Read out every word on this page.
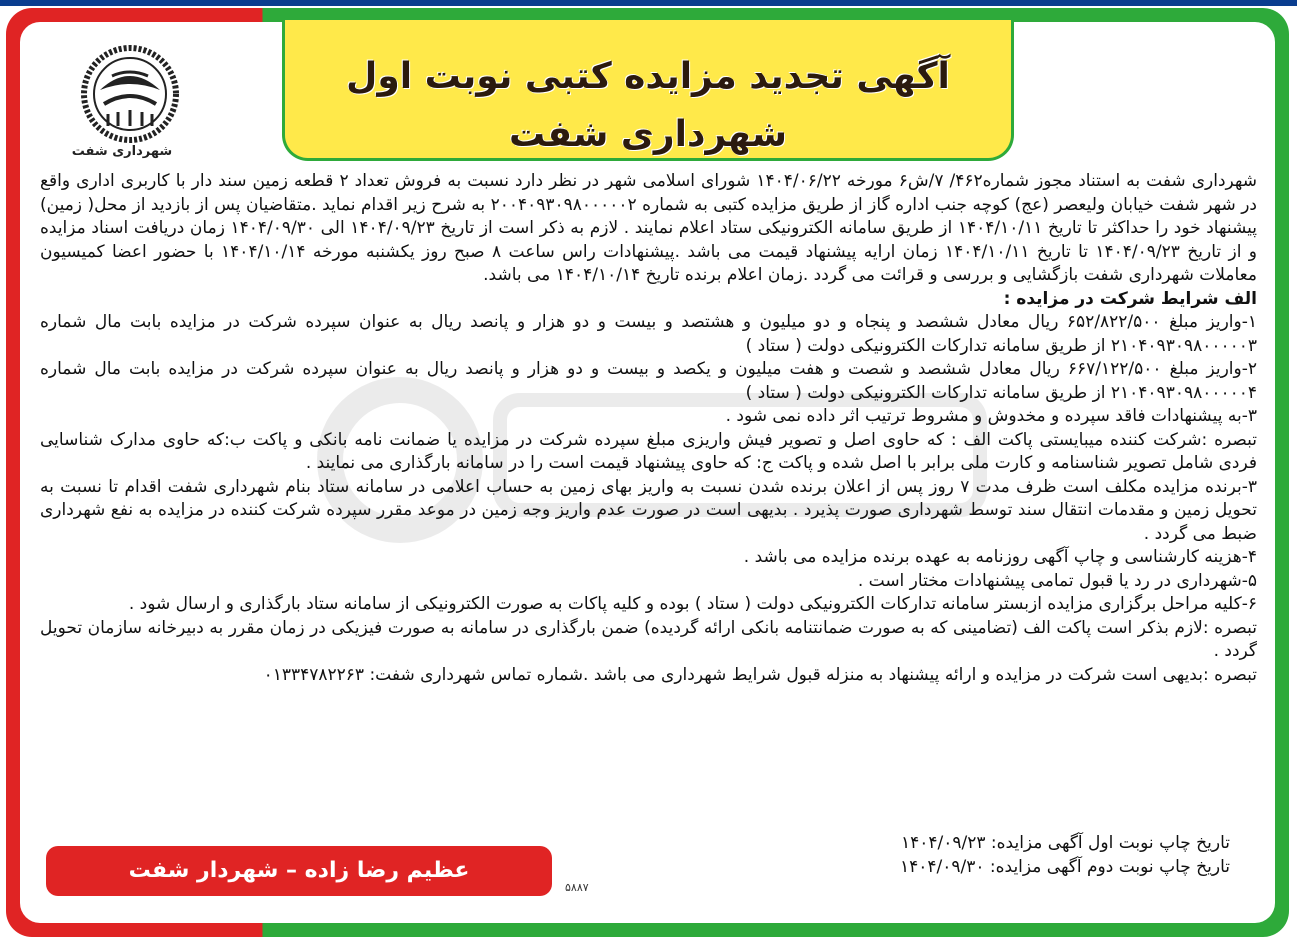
آگهی تجدید مزایده کتبی نوبت اول
شهرداری شفت
شهرداری شفت

شهرداری شفت به استناد مجوز شماره۴۶۲/ ۷/ش۶ مورخه ۱۴۰۴/۰۶/۲۲ شورای اسلامی شهر در نظر دارد نسبت به فروش تعداد ۲ قطعه زمین سند دار با کاربری اداری واقع در شهر شفت خیابان ولیعصر (عج) کوچه جنب اداره گاز از طریق مزایده کتبی به شماره ۲۰۰۴۰۹۳۰۹۸۰۰۰۰۰۲ به شرح زیر اقدام نماید .متقاضیان پس از بازدید از محل( زمین) پیشنهاد خود را حداکثر تا تاریخ ۱۴۰۴/۱۰/۱۱ از طریق سامانه الکترونیکی ستاد اعلام نمایند . لازم به ذکر است از تاریخ ۱۴۰۴/۰۹/۲۳ الی ۱۴۰۴/۰۹/۳۰ زمان دریافت اسناد مزایده و از تاریخ ۱۴۰۴/۰۹/۲۳ تا تاریخ ۱۴۰۴/۱۰/۱۱ زمان ارایه پیشنهاد قیمت می باشد .پیشنهادات راس ساعت ۸ صبح روز یکشنبه مورخه ۱۴۰۴/۱۰/۱۴ با حضور اعضا کمیسیون معاملات شهرداری شفت بازگشایی و بررسی و قرائت می گردد .زمان اعلام برنده تاریخ ۱۴۰۴/۱۰/۱۴ می باشد.

الف شرایط شرکت در مزایده :

۱-واریز مبلغ ۶۵۲/۸۲۲/۵۰۰ ریال معادل ششصد و پنجاه و دو میلیون و هشتصد و بیست و دو هزار و پانصد ریال به عنوان سپرده شرکت در مزایده بابت مال شماره ۲۱۰۴۰۹۳۰۹۸۰۰۰۰۰۳ از طریق سامانه تدارکات الکترونیکی دولت ( ستاد )

۲-واریز مبلغ ۶۶۷/۱۲۲/۵۰۰ ریال معادل ششصد و شصت و هفت میلیون و یکصد و بیست و دو هزار و پانصد ریال به عنوان سپرده شرکت در مزایده بابت مال شماره ۲۱۰۴۰۹۳۰۹۸۰۰۰۰۰۴ از طریق سامانه تدارکات الکترونیکی دولت ( ستاد )

۳-به پیشنهادات فاقد سپرده و مخدوش و مشروط ترتیب اثر داده نمی شود .

تبصره :شرکت کننده میبایستی پاکت الف : که حاوی اصل و تصویر فیش واریزی مبلغ سپرده شرکت در مزایده یا ضمانت نامه بانکی و پاکت ب:که حاوی مدارک شناسایی فردی شامل تصویر شناسنامه و کارت ملی برابر با اصل شده و پاکت ج: که حاوی پیشنهاد قیمت است را در سامانه بارگذاری می نمایند .

۳-برنده مزایده مکلف است ظرف مدت ۷ روز پس از اعلان برنده شدن نسبت به واریز بهای زمین به حساب اعلامی در سامانه ستاد بنام شهرداری شفت اقدام تا نسبت به تحویل زمین و مقدمات انتقال سند توسط شهرداری صورت پذیرد . بدیهی است در صورت عدم واریز وجه زمین در موعد مقرر سپرده شرکت کننده در مزایده به نفع شهرداری ضبط می گردد .

۴-هزینه کارشناسی و چاپ آگهی روزنامه به عهده برنده مزایده می باشد .

۵-شهرداری در رد یا قبول تمامی پیشنهادات مختار است .

۶-کلیه مراحل برگزاری مزایده ازبستر سامانه تدارکات الکترونیکی دولت ( ستاد ) بوده و کلیه پاکات به صورت الکترونیکی از سامانه ستاد بارگذاری و ارسال شود .

تبصره :لازم بذکر است پاکت الف (تضامینی که به صورت ضمانتنامه بانکی ارائه گردیده) ضمن بارگذاری در سامانه به صورت فیزیکی در زمان مقرر به دبیرخانه سازمان تحویل گردد .

تبصره :بدیهی است شرکت در مزایده و ارائه پیشنهاد به منزله قبول شرایط شهرداری می باشد .شماره تماس شهرداری شفت: ۰۱۳۳۴۷۸۲۲۶۳

تاریخ چاپ نوبت اول آگهی مزایده: ۱۴۰۴/۰۹/۲۳
تاریخ چاپ نوبت دوم آگهی مزایده: ۱۴۰۴/۰۹/۳۰
عظیم رضا زاده – شهردار شفت
۵۸۸۷
